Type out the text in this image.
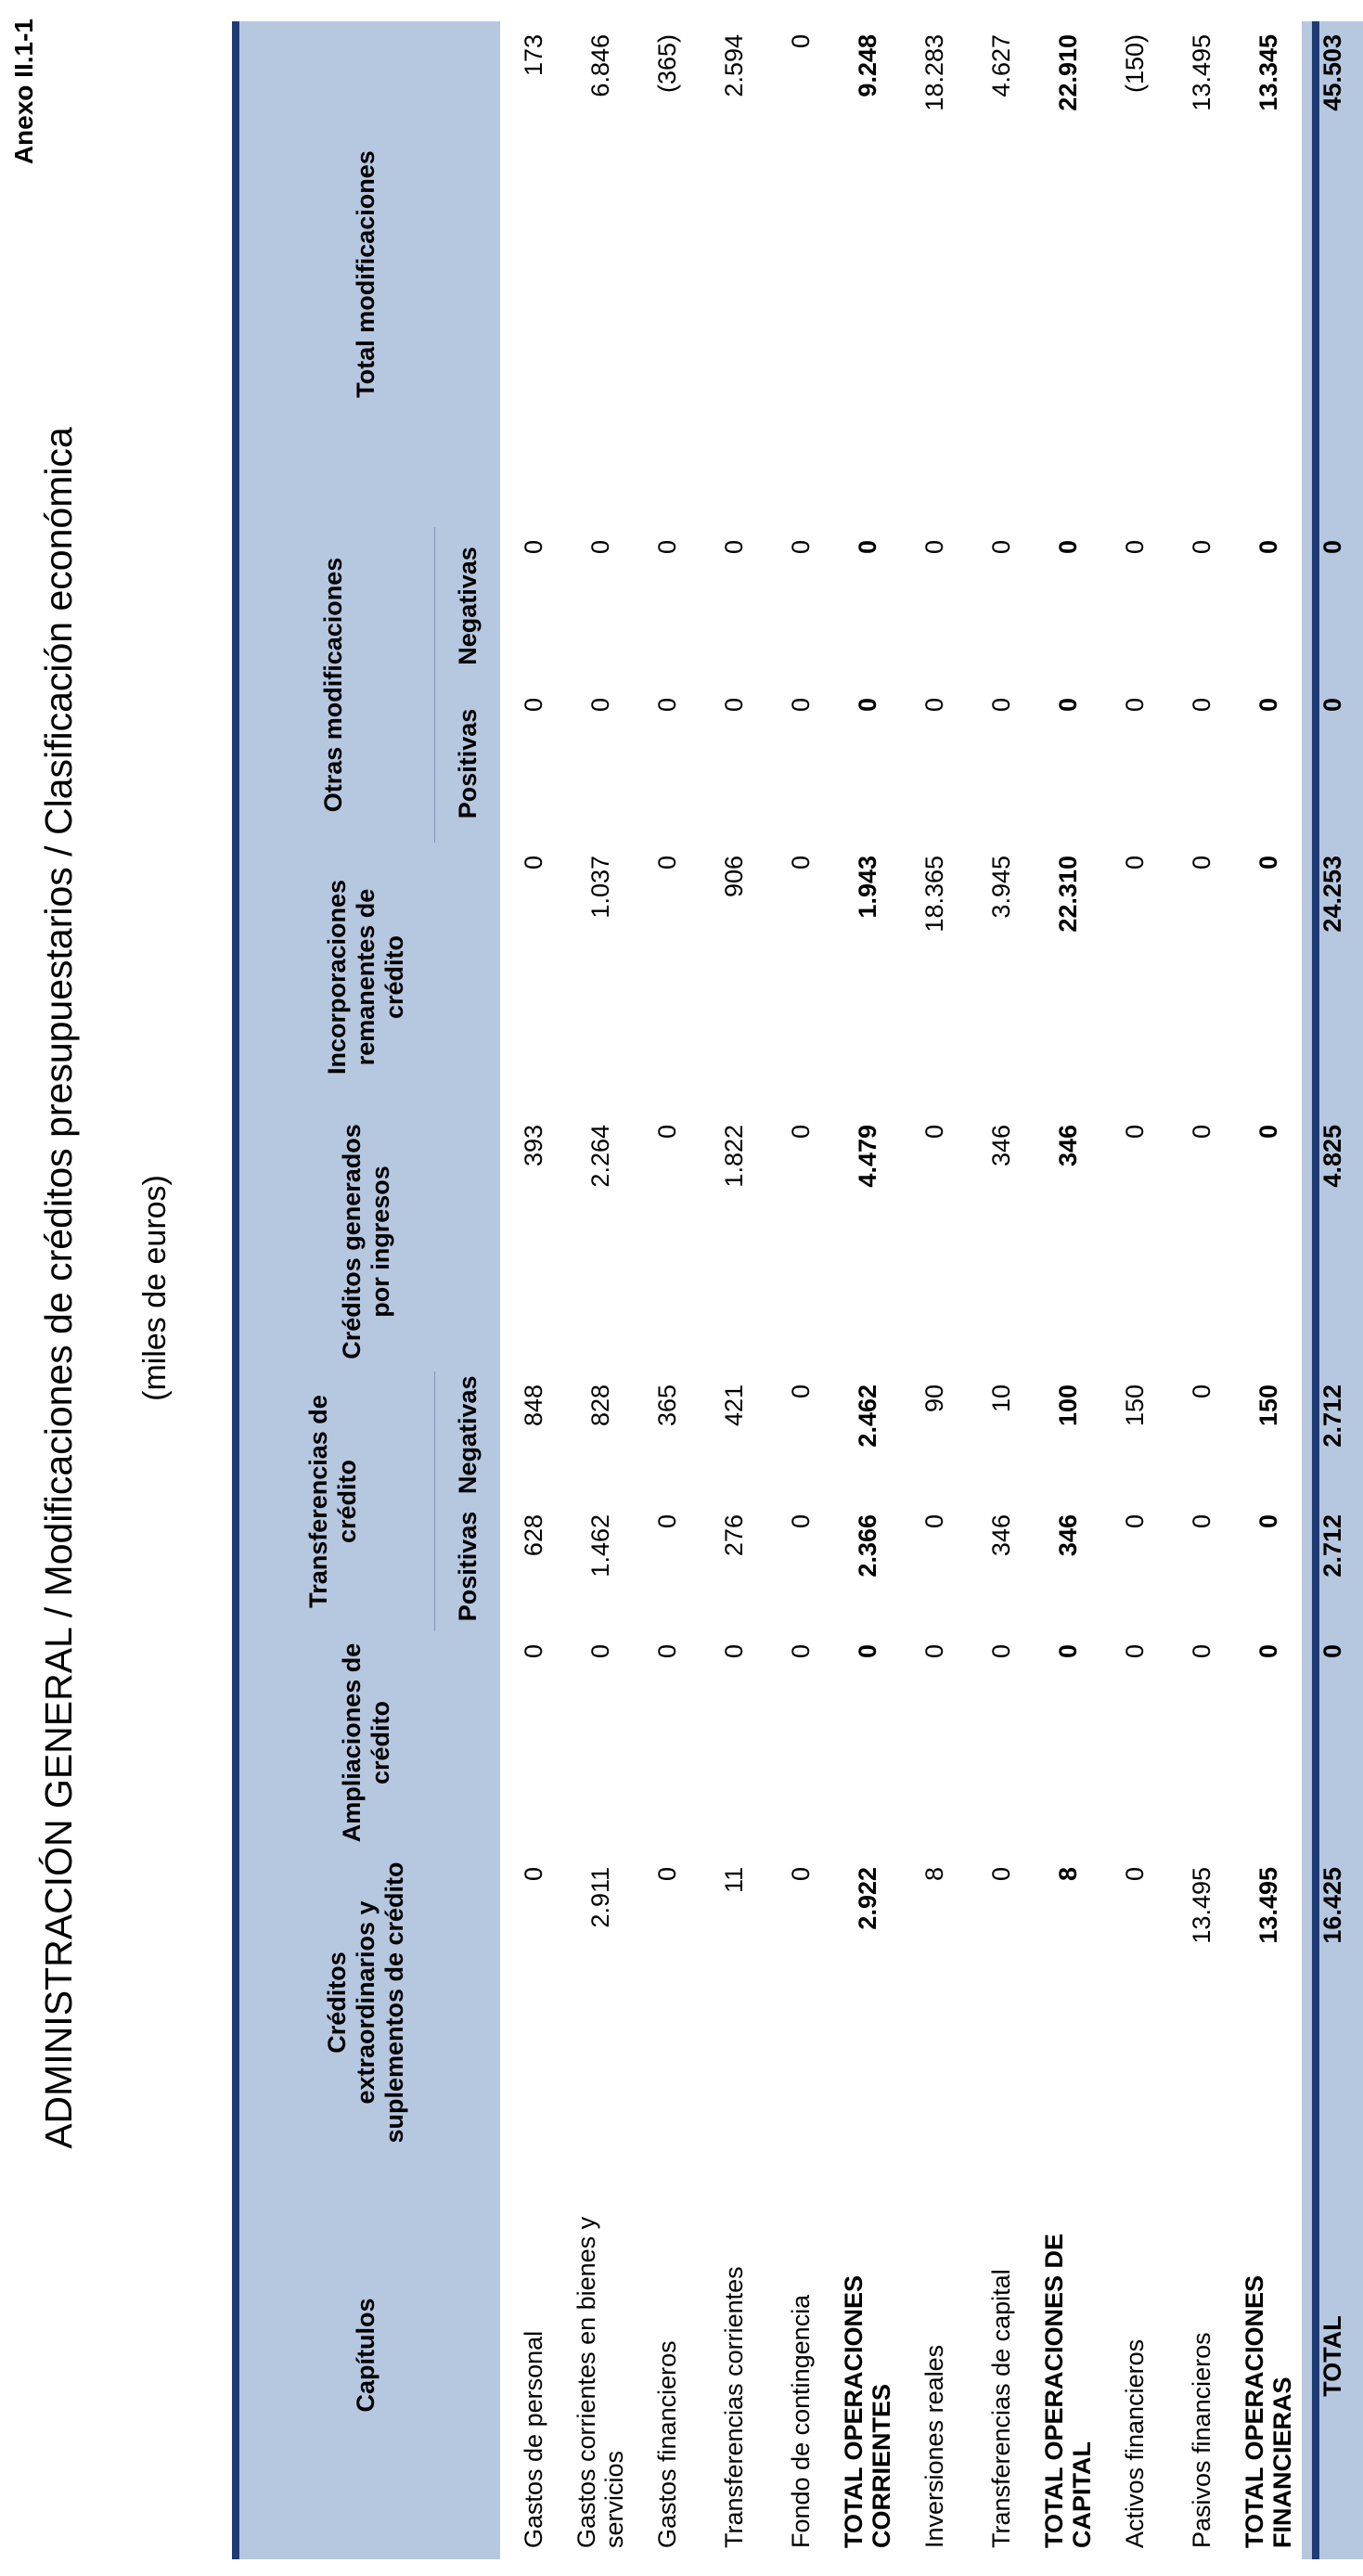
Anexo II.1-1
ADMINISTRACIÓN GENERAL / Modificaciones de créditos presupuestarios / Clasificación económica (miles de euros)
Capítulos	Créditos extraordinarios y suplementos de crédito	Ampliaciones de crédito	Transferencias de crédito		Créditos generados por ingresos	Incorporaciones remanentes de crédito	Otras modificaciones		Total modificaciones
			Positivas	Negativas			Positivas	Negativas	

Gastos de personal	0	0	628	848	393	0	0	0	173

Gastos corrientes en bienes y servicios	2.911	0	1.462	828	2.264	1.037	0	0	6.846

Gastos financieros	0	0	0	365	0	0	0	0	(365)

Transferencias corrientes	11	0	276	421	1.822	906	0	0	2.594

Fondo de contingencia	0	0	0	0	0	0	0	0	0

TOTAL OPERACIONES CORRIENTES	2.922	0	2.366	2.462	4.479	1.943	0	0	9.248

Inversiones reales	8	0	0	90	0	18.365	0	0	18.283

Transferencias de capital	0	0	346	10	346	3.945	0	0	4.627

TOTAL OPERACIONES DE CAPITAL	8	0	346	100	346	22.310	0	0	22.910

Activos financieros	0	0	0	150	0	0	0	0	(150)

Pasivos financieros	13.495	0	0	0	0	0	0	0	13.495

TOTAL OPERACIONES FINANCIERAS	13.495	0	0	150	0	0	0	0	13.345

TOTAL	16.425	0	2.712	2.712	4.825	24.253	0	0	45.503
